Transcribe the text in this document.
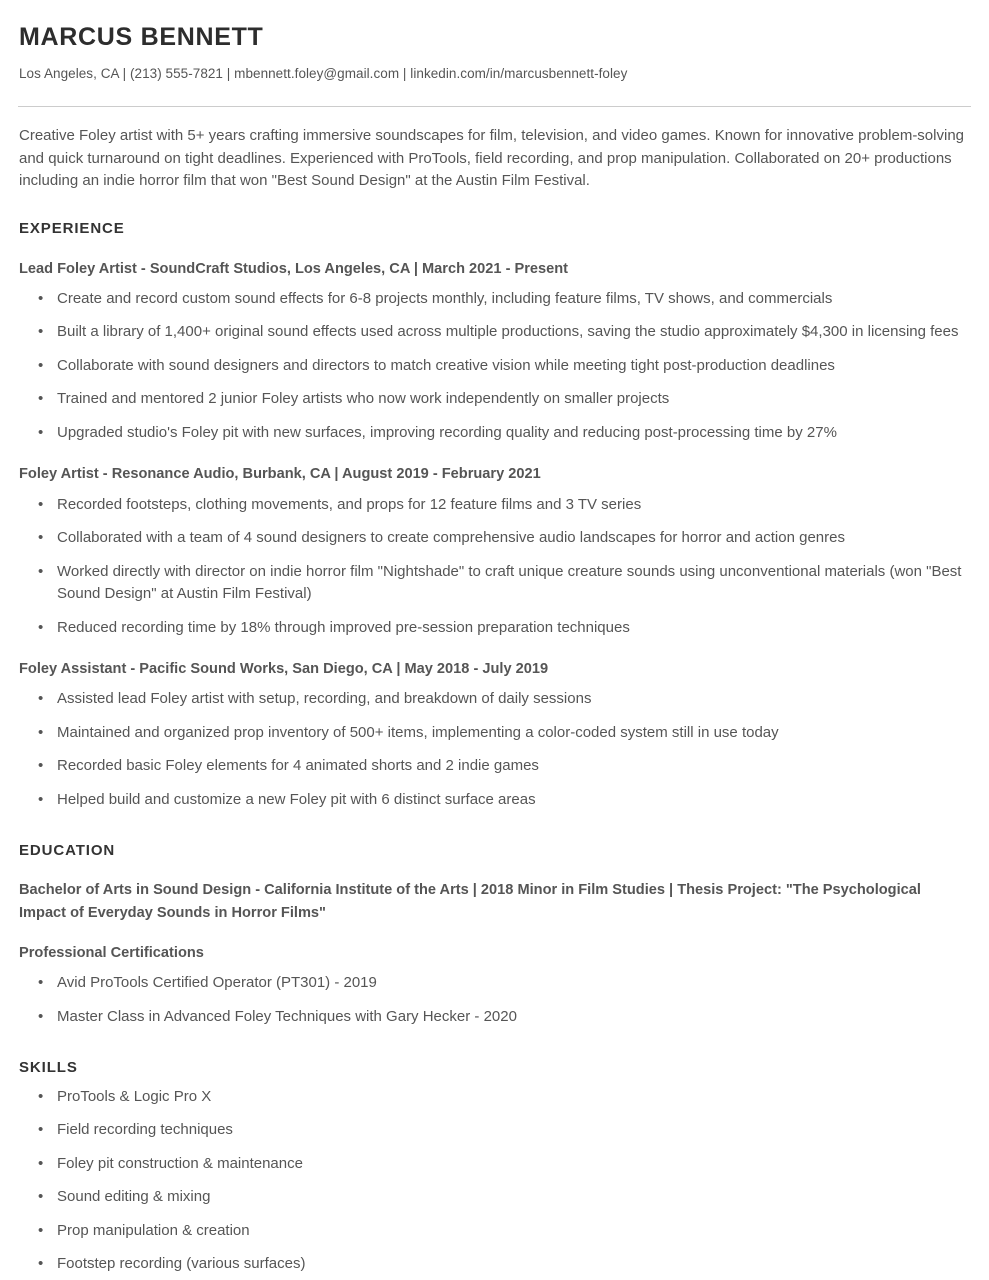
MARCUS BENNETT
Los Angeles, CA | (213) 555-7821 | mbennett.foley@gmail.com | linkedin.com/in/marcusbennett-foley

Creative Foley artist with 5+ years crafting immersive soundscapes for film, television, and video games. Known for innovative problem-solving and quick turnaround on tight deadlines. Experienced with ProTools, field recording, and prop manipulation. Collaborated on 20+ productions including an indie horror film that won "Best Sound Design" at the Austin Film Festival.

EXPERIENCE
Lead Foley Artist - SoundCraft Studios, Los Angeles, CA | March 2021 - Present
• Create and record custom sound effects for 6-8 projects monthly, including feature films, TV shows, and commercials
• Built a library of 1,400+ original sound effects used across multiple productions, saving the studio approximately $4,300 in licensing fees
• Collaborate with sound designers and directors to match creative vision while meeting tight post-production deadlines
• Trained and mentored 2 junior Foley artists who now work independently on smaller projects
• Upgraded studio's Foley pit with new surfaces, improving recording quality and reducing post-processing time by 27%
Foley Artist - Resonance Audio, Burbank, CA | August 2019 - February 2021
• Recorded footsteps, clothing movements, and props for 12 feature films and 3 TV series
• Collaborated with a team of 4 sound designers to create comprehensive audio landscapes for horror and action genres
• Worked directly with director on indie horror film "Nightshade" to craft unique creature sounds using unconventional materials (won "Best Sound Design" at Austin Film Festival)
• Reduced recording time by 18% through improved pre-session preparation techniques
Foley Assistant - Pacific Sound Works, San Diego, CA | May 2018 - July 2019
• Assisted lead Foley artist with setup, recording, and breakdown of daily sessions
• Maintained and organized prop inventory of 500+ items, implementing a color-coded system still in use today
• Recorded basic Foley elements for 4 animated shorts and 2 indie games
• Helped build and customize a new Foley pit with 6 distinct surface areas
EDUCATION
Bachelor of Arts in Sound Design - California Institute of the Arts | 2018 Minor in Film Studies | Thesis Project: "The Psychological Impact of Everyday Sounds in Horror Films"
Professional Certifications
• Avid ProTools Certified Operator (PT301) - 2019
• Master Class in Advanced Foley Techniques with Gary Hecker - 2020
SKILLS
• ProTools & Logic Pro X
• Field recording techniques
• Foley pit construction & maintenance
• Sound editing & mixing
• Prop manipulation & creation
• Footstep recording (various surfaces)
